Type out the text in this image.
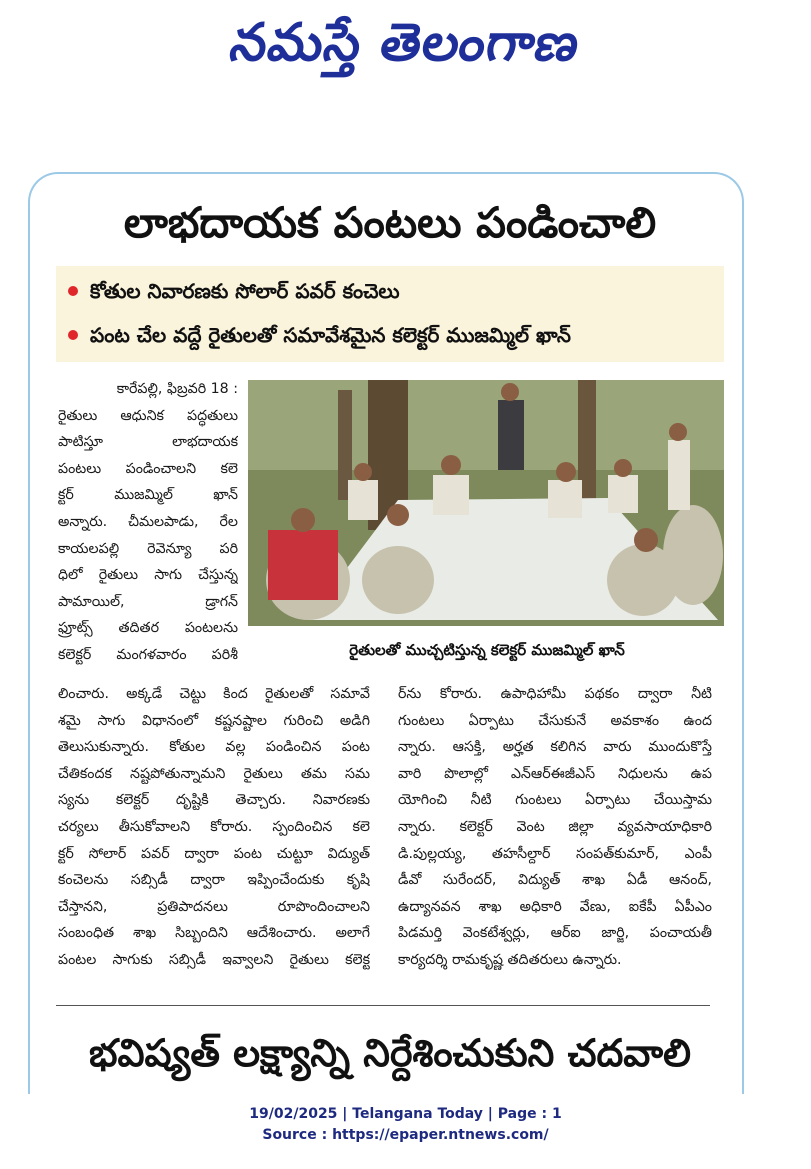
నమస్తే తెలంగాణ
లాభదాయక పంటలు పండించాలి
కోతుల నివారణకు సోలార్ పవర్ కంచెలు
పంట చేల వద్దే రైతులతో సమావేశమైన కలెక్టర్ ముజమ్మిల్ ఖాన్
కారేపల్లి, ఫిబ్రవరి 18 :
రైతులు ఆధునిక పద్ధతులు
పాటిస్తూ లాభదాయక
పంటలు పండించాలని కలె
క్టర్ ముజమ్మిల్ ఖాన్
అన్నారు. చీమలపాడు, రేల
కాయలపల్లి రెవెన్యూ పరి
ధిలో రైతులు సాగు చేస్తున్న
పామాయిల్, డ్రాగన్
ఫ్రూట్స్ తదితర పంటలను
కలెక్టర్ మంగళవారం పరిశీ	రైతులతో ముచ్చటిస్తున్న కలెక్టర్ ముజమ్మిల్ ఖాన్
లించారు. అక్కడే చెట్టు కింద రైతులతో సమావే
శమై సాగు విధానంలో కష్టనష్టాల గురించి అడిగి
తెలుసుకున్నారు. కోతుల వల్ల పండించిన పంట
చేతికందక నష్టపోతున్నామని రైతులు తమ సమ
స్యను కలెక్టర్ దృష్టికి తెచ్చారు. నివారణకు
చర్యలు తీసుకోవాలని కోరారు. స్పందించిన కలె
క్టర్ సోలార్ పవర్ ద్వారా పంట చుట్టూ విద్యుత్
కంచెలను సబ్సిడీ ద్వారా ఇప్పించేందుకు కృషి
చేస్తానని, ప్రతిపాదనలు రూపొందించాలని
సంబంధిత శాఖ సిబ్బందిని ఆదేశించారు. అలాగే
పంటల సాగుకు సబ్సిడీ ఇవ్వాలని రైతులు కలెక్ట
ర్‌ను కోరారు. ఉపాధిహామీ పథకం ద్వారా నీటి
గుంటలు ఏర్పాటు చేసుకునే అవకాశం ఉంద
న్నారు. ఆసక్తి, అర్హత కలిగిన వారు ముందుకొస్తే
వారి పొలాల్లో ఎన్‌ఆర్‌ఈజీఎస్ నిధులను ఉప
యోగించి నీటి గుంటలు ఏర్పాటు చేయిస్తామ
న్నారు. కలెక్టర్ వెంట జిల్లా వ్యవసాయాధికారి
డి.పుల్లయ్య, తహసీల్దార్ సంపత్‌కుమార్, ఎంపీ
డీవో సురేందర్, విద్యుత్ శాఖ ఏడీ ఆనంద్,
ఉద్యానవన శాఖ అధికారి వేణు, ఐకేపీ ఏపీఎం
పిడమర్తి వెంకటేశ్వర్లు, ఆర్ఐ జార్జి, పంచాయతీ
కార్యదర్శి రామకృష్ణ తదితరులు ఉన్నారు.
భవిష్యత్ లక్ష్యాన్ని నిర్దేశించుకుని చదవాలి
19/02/2025 | Telangana Today | Page : 1
Source : https://epaper.ntnews.com/
